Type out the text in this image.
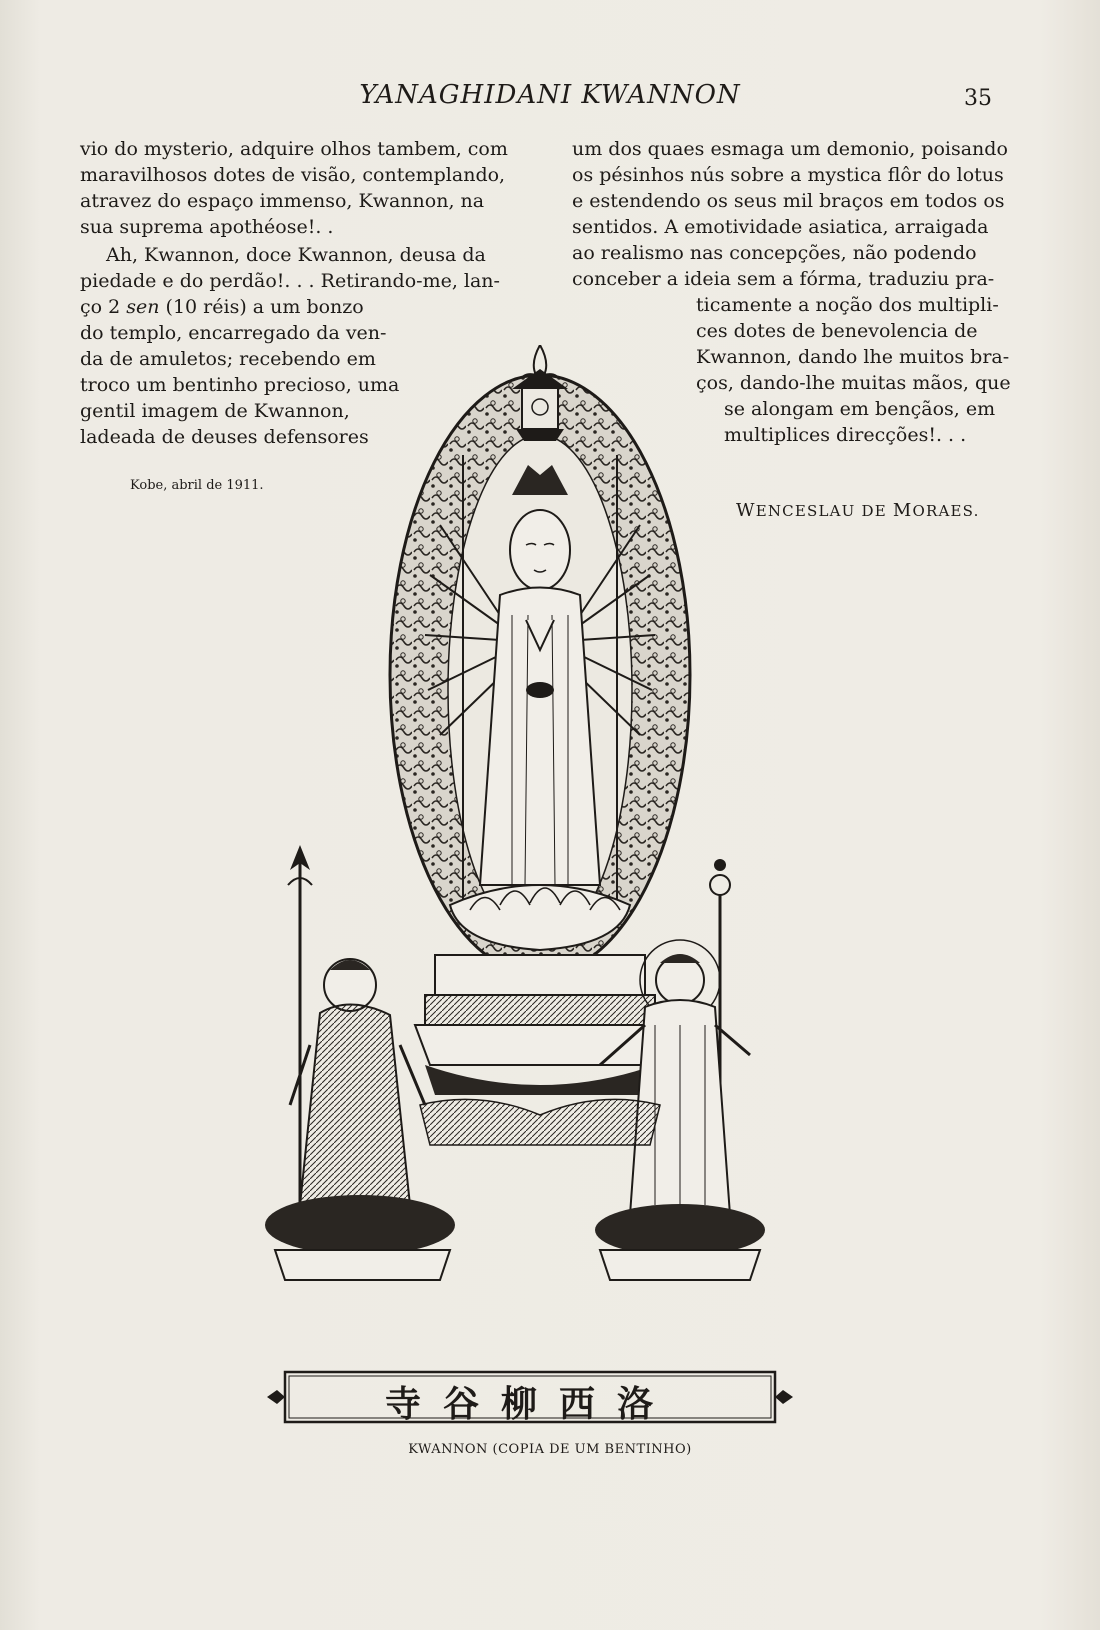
YANAGHIDANI KWANNON	35
vio do mysterio, adquire olhos tambem, com
maravilhosos dotes de visão, contemplando,
atravez do espaço immenso, Kwannon, na
sua suprema apothéose!. .
Ah, Kwannon, doce Kwannon, deusa da
piedade e do perdão!. . . Retirando-me, lan-
ço 2 sen (10 réis) a um bonzo
do templo, encarregado da ven-
da de amuletos; recebendo em
troco um bentinho precioso, uma
gentil imagem de Kwannon,
ladeada de deuses defensores
Kobe, abril de 1911.
um dos quaes esmaga um demonio, poisando
os pésinhos nús sobre a mystica flôr do lotus
e estendendo os seus mil braços em todos os
sentidos. A emotividade asiatica, arraigada
ao realismo nas concepções, não podendo
conceber a ideia sem a fórma, traduziu pra-
ticamente a noção dos multipli-
ces dotes de benevolencia de
Kwannon, dando lhe muitos bra-
ços, dando-lhe muitas mãos, que
se alongam em bençãos, em
multiplices direcções!. . .
WENCESLAU DE MORAES.
寺谷柳西洛
KWANNON (COPIA DE UM BENTINHO)
